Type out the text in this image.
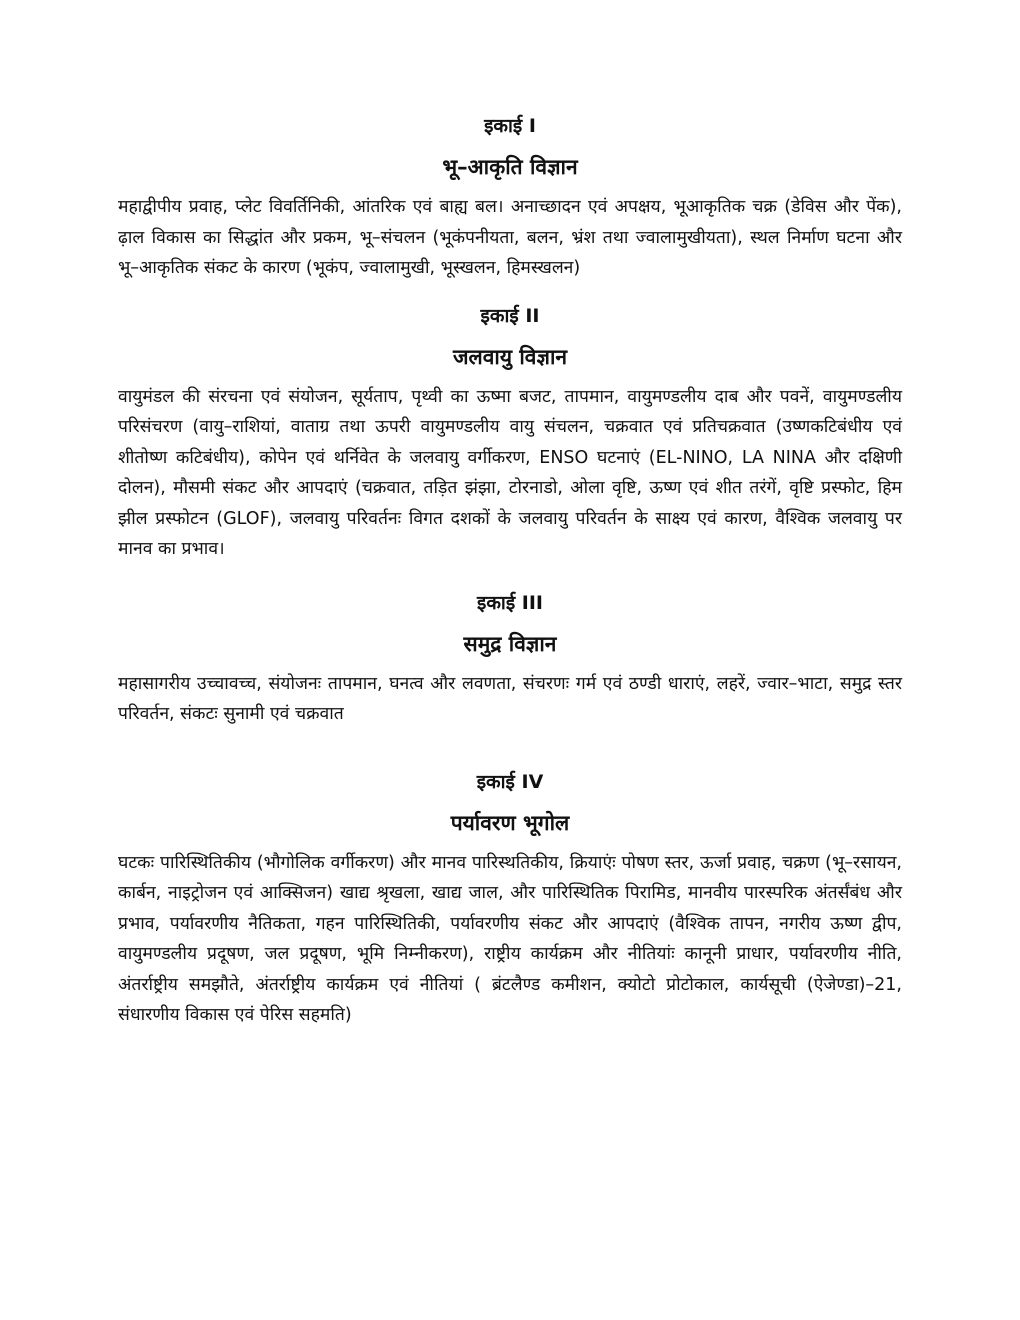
इकाई I
भू–आकृति विज्ञान

महाद्वीपीय प्रवाह, प्लेट विवर्तिनिकी, आंतरिक एवं बाह्य बल। अनाच्छादन एवं अपक्षय, भूआकृतिक चक्र (डेविस और पेंक), ढ़ाल विकास का सिद्धांत और प्रकम, भू–संचलन (भूकंपनीयता, बलन, भ्रंश तथा ज्वालामुखीयता), स्थल निर्माण घटना और भू–आकृतिक संकट के कारण (भूकंप, ज्वालामुखी, भूस्खलन, हिमस्खलन)

इकाई II
जलवायु विज्ञान

वायुमंडल की संरचना एवं संयोजन, सूर्यताप, पृथ्वी का ऊष्मा बजट, तापमान, वायुमण्डलीय दाब और पवनें, वायुमण्डलीय परिसंचरण (वायु–राशियां, वाताग्र तथा ऊपरी वायुमण्डलीय वायु संचलन, चक्रवात एवं प्रतिचक्रवात (उष्णकटिबंधीय एवं शीतोष्ण कटिबंधीय), कोपेन एवं थर्निवेत के जलवायु वर्गीकरण, ENSO घटनाएं (EL-NINO, LA NINA और दक्षिणी दोलन), मौसमी संकट और आपदाएं (चक्रवात, तड़ित झंझा, टोरनाडो, ओला वृष्टि, ऊष्ण एवं शीत तरंगें, वृष्टि प्रस्फोट, हिम झील प्रस्फोटन (GLOF), जलवायु परिवर्तनः विगत दशकों के जलवायु परिवर्तन के साक्ष्य एवं कारण, वैश्विक जलवायु पर मानव का प्रभाव।

इकाई III
समुद्र विज्ञान

महासागरीय उच्चावच्च, संयोजनः तापमान, घनत्व और लवणता, संचरणः गर्म एवं ठण्डी धाराएं, लहरें, ज्वार–भाटा, समुद्र स्तर परिवर्तन, संकटः सुनामी एवं चक्रवात

इकाई IV
पर्यावरण भूगोल

घटकः पारिस्थितिकीय (भौगोलिक वर्गीकरण) और मानव पारिस्थतिकीय, क्रियाएंः पोषण स्तर, ऊर्जा प्रवाह, चक्रण (भू–रसायन, कार्बन, नाइट्रोजन एवं आक्सिजन) खाद्य श्रृखला, खाद्य जाल, और पारिस्थितिक पिरामिड, मानवीय पारस्परिक अंतर्संबंध और प्रभाव, पर्यावरणीय नैतिकता, गहन पारिस्थितिकी, पर्यावरणीय संकट और आपदाएं (वैश्विक तापन, नगरीय ऊष्ण द्वीप, वायुमण्डलीय प्रदूषण, जल प्रदूषण, भूमि निम्नीकरण), राष्ट्रीय कार्यक्रम और नीतियांः कानूनी प्राधार, पर्यावरणीय नीति, अंतर्राष्ट्रीय समझौते, अंतर्राष्ट्रीय कार्यक्रम एवं नीतियां ( ब्रंटलैण्ड कमीशन, क्योटो प्रोटोकाल, कार्यसूची (ऐजेण्डा)–21, संधारणीय विकास एवं पेरिस सहमति)
